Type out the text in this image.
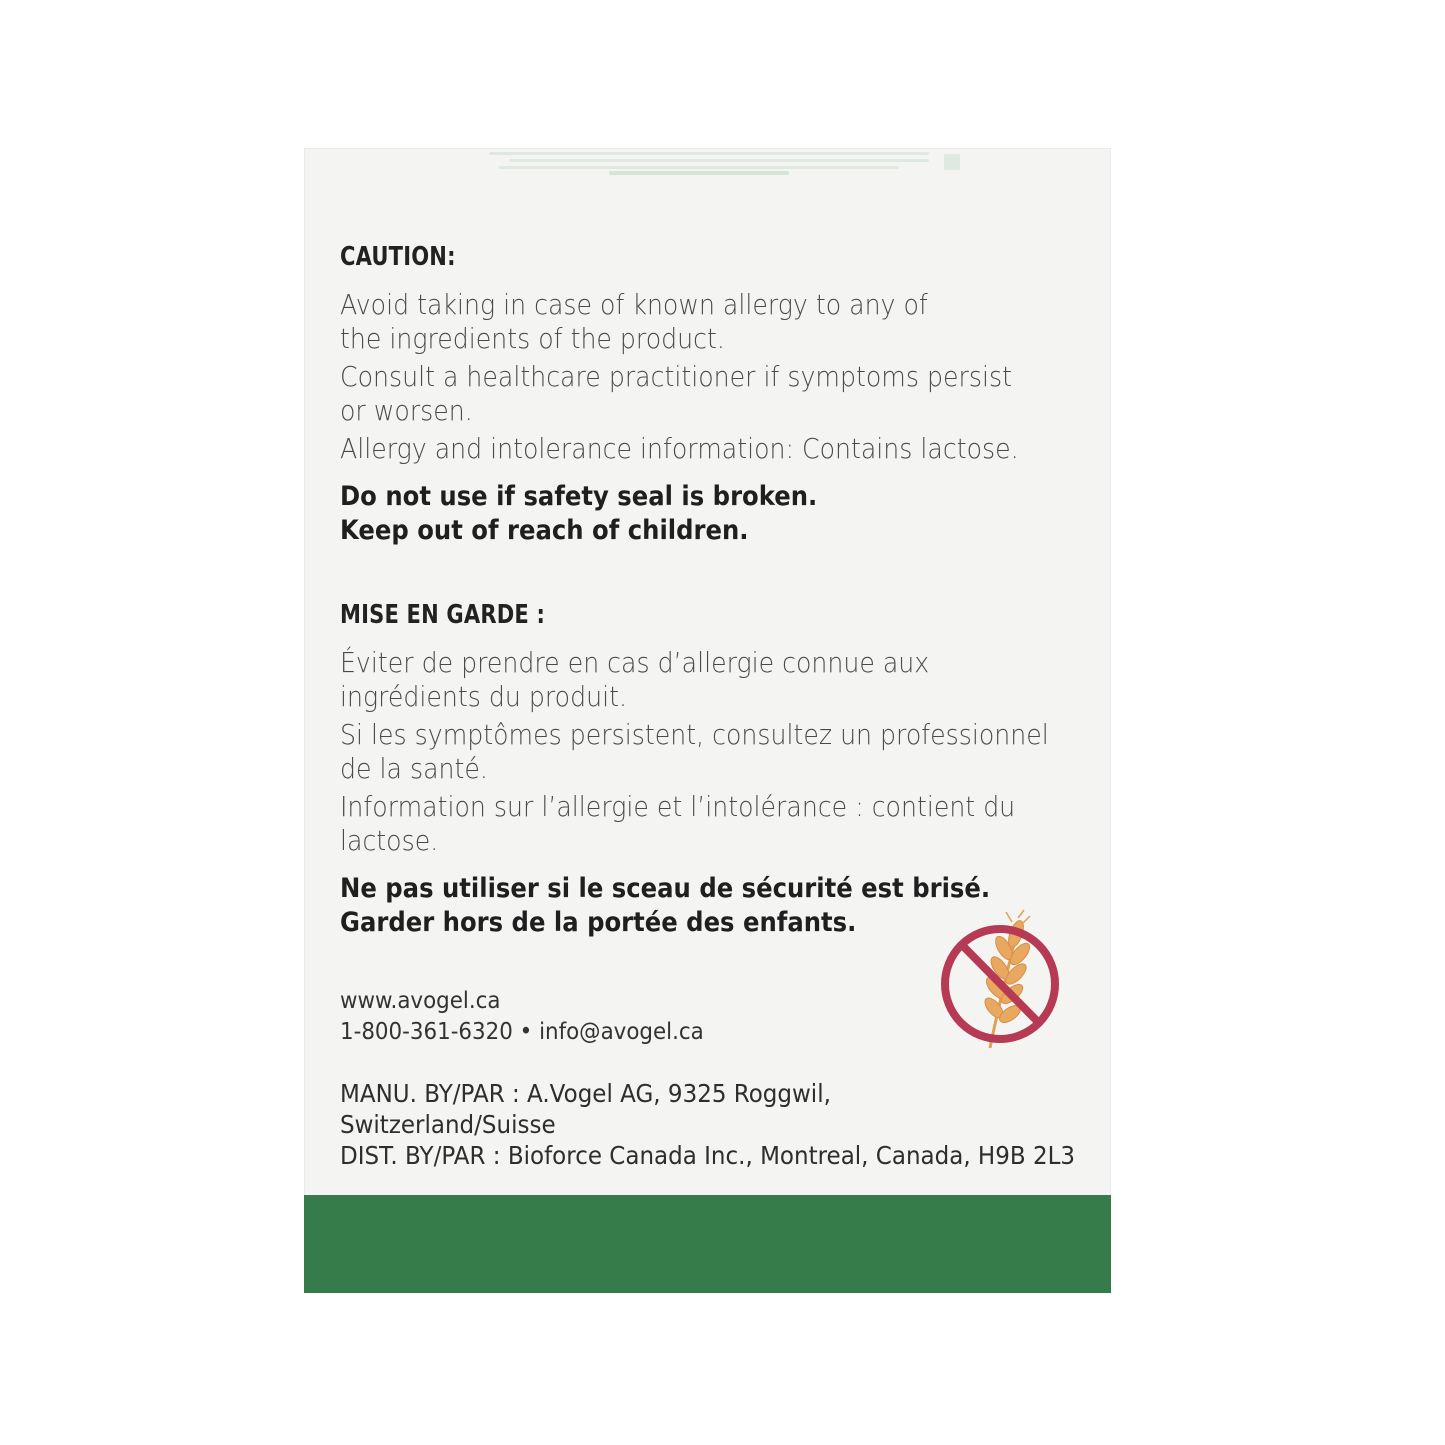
CAUTION:
Avoid taking in case of known allergy to any of the ingredients of the product.
Consult a healthcare practitioner if symptoms persist or worsen.
Allergy and intolerance information: Contains lactose.
Do not use if safety seal is broken.
Keep out of reach of children.
MISE EN GARDE :
Éviter de prendre en cas d’allergie connue aux ingrédients du produit.
Si les symptômes persistent, consultez un professionnel de la santé.
Information sur l’allergie et l’intolérance : contient du lactose.
Ne pas utiliser si le sceau de sécurité est brisé.
Garder hors de la portée des enfants.
www.avogel.ca
1-800-361-6320 • info@avogel.ca
MANU. BY/PAR : A.Vogel AG, 9325 Roggwil, Switzerland/Suisse
DIST. BY/PAR : Bioforce Canada Inc., Montreal, Canada, H9B 2L3
